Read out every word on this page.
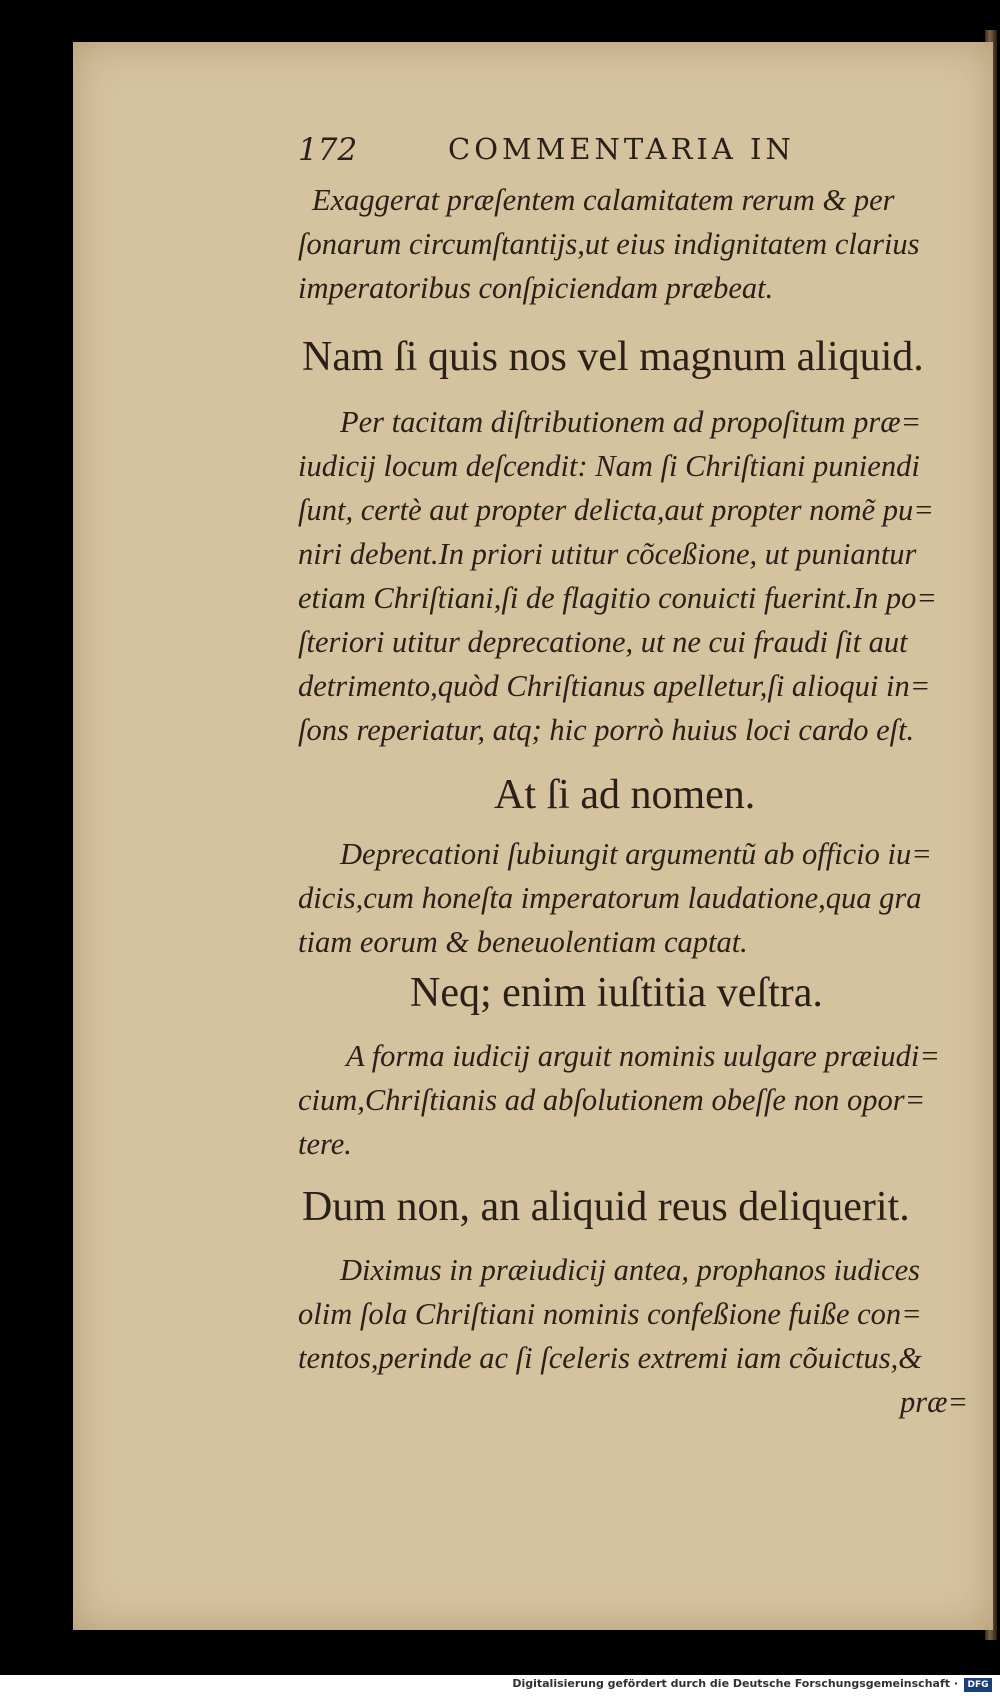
172	COMMENTARIA IN
Exaggerat præſentem calamitatem rerum & per
ſonarum circumſtantijs,ut eius indignitatem clarius
imperatoribus conſpiciendam præbeat.
Nam ſi quis nos vel magnum aliquid.
Per tacitam diſtributionem ad propoſitum præ=
iudicij locum deſcendit: Nam ſi Chriſtiani puniendi
ſunt, certè aut propter delicta,aut propter nomẽ pu=
niri debent.In priori utitur cõceßione, ut puniantur
etiam Chriſtiani,ſi de flagitio conuicti fuerint.In po=
ſteriori utitur deprecatione, ut ne cui fraudi ſit aut
detrimento,quòd Chriſtianus apelletur,ſi alioqui in=
ſons reperiatur, atq; hic porrò huius loci cardo eſt.
At ſi ad nomen.
Deprecationi ſubiungit argumentũ ab officio iu=
dicis,cum honeſta imperatorum laudatione,qua gra
tiam eorum & beneuolentiam captat.
Neq; enim iuſtitia veſtra.
A forma iudicij arguit nominis uulgare præiudi=
cium,Chriſtianis ad abſolutionem obeſſe non opor=
tere.
Dum non, an aliquid reus deliquerit.
Diximus in præiudicij antea, prophanos iudices
olim ſola Chriſtiani nominis confeßione fuiße con=
tentos,perinde ac ſi ſceleris extremi iam cõuictus,&
præ=
Digitalisierung gefördert durch die Deutsche Forschungsgemeinschaft ·	DFG
